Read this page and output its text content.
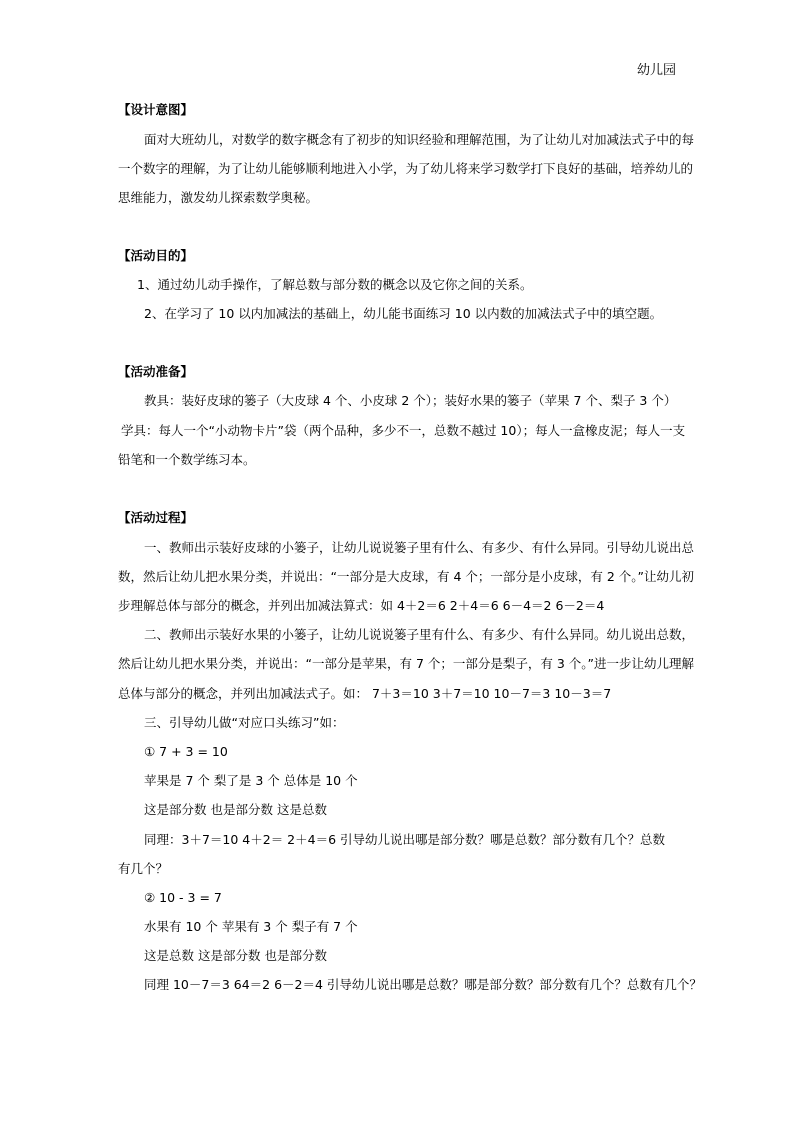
幼儿园
【设计意图】
面对大班幼儿，对数学的数字概念有了初步的知识经验和理解范围，为了让幼儿对加减法式子中的每
一个数字的理解，为了让幼儿能够顺利地进入小学，为了幼儿将来学习数学打下良好的基础，培养幼儿的
思维能力，激发幼儿探索数学奥秘。
【活动目的】
1、通过幼儿动手操作，了解总数与部分数的概念以及它你之间的关系。
2、在学习了 10 以内加减法的基础上，幼儿能书面练习 10 以内数的加减法式子中的填空题。
【活动准备】
教具：装好皮球的篓子（大皮球 4 个、小皮球 2 个）；装好水果的篓子（苹果 7 个、梨子 3 个）
学具：每人一个“小动物卡片”袋（两个品种，多少不一，总数不越过 10）；每人一盒橡皮泥；每人一支
铅笔和一个数学练习本。
【活动过程】
一、教师出示装好皮球的小篓子，让幼儿说说篓子里有什么、有多少、有什么异同。引导幼儿说出总
数，然后让幼儿把水果分类，并说出：“一部分是大皮球，有 4 个；一部分是小皮球，有 2 个。”让幼儿初
步理解总体与部分的概念，并列出加减法算式：如 4＋2＝6 2＋4＝6 6－4＝2 6－2＝4
二、教师出示装好水果的小篓子，让幼儿说说篓子里有什么、有多少、有什么异同。幼儿说出总数，
然后让幼儿把水果分类，并说出：“一部分是苹果，有 7 个；一部分是梨子，有 3 个。”进一步让幼儿理解
总体与部分的概念，并列出加减法式子。如： 7＋3＝10 3＋7＝10 10－7＝3 10－3＝7
三、引导幼儿做“对应口头练习”如：
① 7 + 3 = 10
苹果是 7 个 梨了是 3 个 总体是 10 个
这是部分数 也是部分数 这是总数
同理：3＋7＝10 4＋2＝ 2＋4＝6 引导幼儿说出哪是部分数？哪是总数？部分数有几个？总数
有几个？
② 10 - 3 = 7
水果有 10 个 苹果有 3 个 梨子有 7 个
这是总数 这是部分数 也是部分数
同理 10－7＝3 64＝2 6－2＝4 引导幼儿说出哪是总数？哪是部分数？部分数有几个？总数有几个？
